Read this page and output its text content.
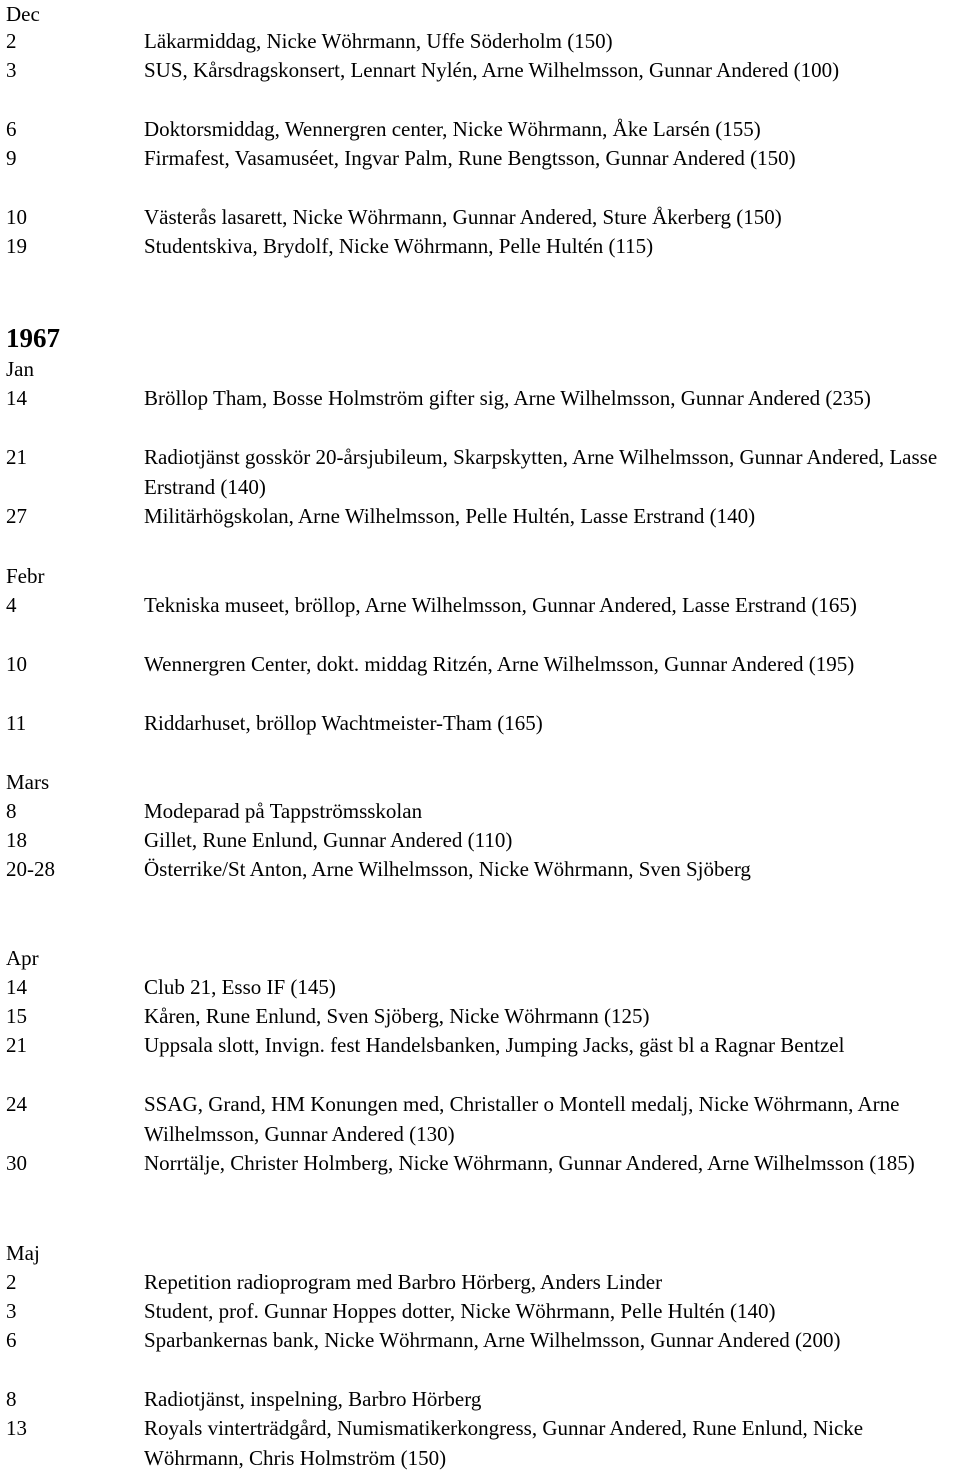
Dec
2	Läkarmiddag, Nicke Wöhrmann, Uffe Söderholm (150)
3	SUS, Kårsdragskonsert, Lennart Nylén, Arne Wilhelmsson, Gunnar Andered (100)
6	Doktorsmiddag, Wennergren center, Nicke Wöhrmann, Åke Larsén (155)
9	Firmafest, Vasamuséet, Ingvar Palm, Rune Bengtsson, Gunnar Andered (150)
10	Västerås lasarett, Nicke Wöhrmann, Gunnar Andered, Sture Åkerberg (150)
19	Studentskiva, Brydolf, Nicke Wöhrmann, Pelle Hultén (115)
1967
Jan
14	Bröllop Tham, Bosse Holmström gifter sig, Arne Wilhelmsson, Gunnar Andered (235)
21	Radiotjänst gosskör 20-årsjubileum, Skarpskytten, Arne Wilhelmsson, Gunnar Andered, Lasse Erstrand (140)
27	Militärhögskolan, Arne Wilhelmsson, Pelle Hultén, Lasse Erstrand (140)
Febr
4	Tekniska museet, bröllop, Arne Wilhelmsson, Gunnar Andered, Lasse Erstrand (165)
10	Wennergren Center, dokt. middag Ritzén, Arne Wilhelmsson, Gunnar Andered (195)
11	Riddarhuset, bröllop Wachtmeister-Tham (165)
Mars
8	Modeparad på Tappströmsskolan
18	Gillet, Rune Enlund, Gunnar Andered (110)
20-28	Österrike/St Anton, Arne Wilhelmsson, Nicke Wöhrmann, Sven Sjöberg
Apr
14	Club 21, Esso IF (145)
15	Kåren, Rune Enlund, Sven Sjöberg, Nicke Wöhrmann (125)
21	Uppsala slott, Invign. fest Handelsbanken, Jumping Jacks, gäst bl a Ragnar Bentzel
24	SSAG, Grand, HM Konungen med, Christaller o Montell medalj, Nicke Wöhrmann, Arne Wilhelmsson, Gunnar Andered (130)
30	Norrtälje, Christer Holmberg, Nicke Wöhrmann, Gunnar Andered, Arne Wilhelmsson (185)
Maj
2	Repetition radioprogram med Barbro Hörberg, Anders Linder
3	Student, prof. Gunnar Hoppes dotter, Nicke Wöhrmann, Pelle Hultén (140)
6	Sparbankernas bank, Nicke Wöhrmann, Arne Wilhelmsson, Gunnar Andered (200)
8	Radiotjänst, inspelning, Barbro Hörberg
13	Royals vinterträdgård, Numismatikerkongress, Gunnar Andered, Rune Enlund, Nicke Wöhrmann, Chris Holmström (150)
